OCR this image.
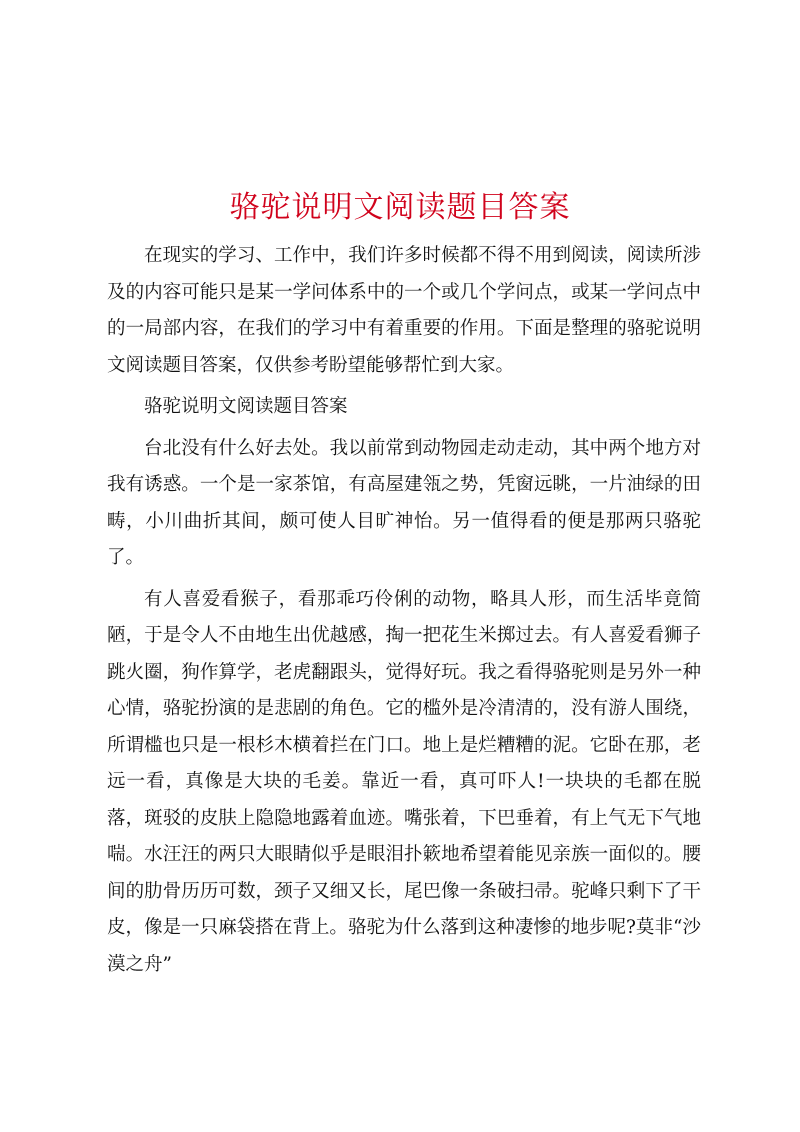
骆驼说明文阅读题目答案

在现实的学习、工作中，我们许多时候都不得不用到阅读，阅读所涉及的内容可能只是某一学问体系中的一个或几个学问点，或某一学问点中的一局部内容，在我们的学习中有着重要的作用。下面是整理的骆驼说明文阅读题目答案，仅供参考盼望能够帮忙到大家。

骆驼说明文阅读题目答案

台北没有什么好去处。我以前常到动物园走动走动，其中两个地方对我有诱惑。一个是一家茶馆，有高屋建瓴之势，凭窗远眺，一片油绿的田畴，小川曲折其间，颇可使人目旷神怡。另一值得看的便是那两只骆驼了。

有人喜爱看猴子，看那乖巧伶俐的动物，略具人形，而生活毕竟简陋，于是令人不由地生出优越感，掏一把花生米掷过去。有人喜爱看狮子跳火圈，狗作算学，老虎翻跟头，觉得好玩。我之看得骆驼则是另外一种心情，骆驼扮演的是悲剧的角色。它的槛外是冷清清的，没有游人围绕，所谓槛也只是一根杉木横着拦在门口。地上是烂糟糟的泥。它卧在那，老远一看，真像是大块的毛姜。靠近一看，真可吓人!一块块的毛都在脱落，斑驳的皮肤上隐隐地露着血迹。嘴张着，下巴垂着，有上气无下气地喘。水汪汪的两只大眼睛似乎是眼泪扑簌地希望着能见亲族一面似的。腰间的肋骨历历可数，颈子又细又长，尾巴像一条破扫帚。驼峰只剩下了干皮，像是一只麻袋搭在背上。骆驼为什么落到这种凄惨的地步呢?莫非“沙漠之舟”
